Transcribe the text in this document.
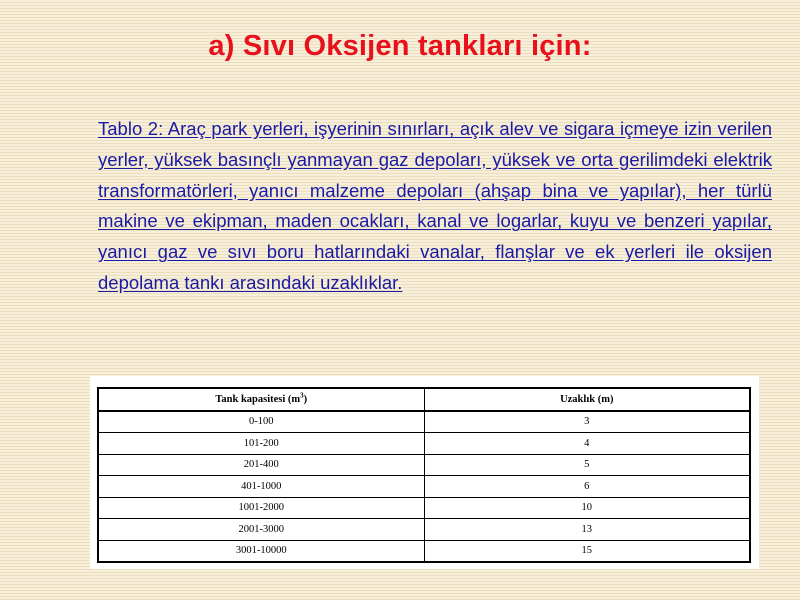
a) Sıvı Oksijen tankları için:
Tablo 2: Araç park yerleri, işyerinin sınırları, açık alev ve sigara içmeye izin verilen yerler, yüksek basınçlı yanmayan gaz depoları, yüksek ve orta gerilimdeki elektrik transformatörleri, yanıcı malzeme depoları (ahşap bina ve yapılar), her türlü makine ve ekipman, maden ocakları, kanal ve logarlar, kuyu ve benzeri yapılar, yanıcı gaz ve sıvı boru hatlarındaki vanalar, flanşlar ve ek yerleri ile oksijen depolama tankı arasındaki uzaklıklar.
Tank kapasitesi $(m^3)$	Uzaklık (m)
0-100	3
101-200	4
201-400	5
401-1000	6
1001-2000	10
2001-3000	13
3001-10000	15
